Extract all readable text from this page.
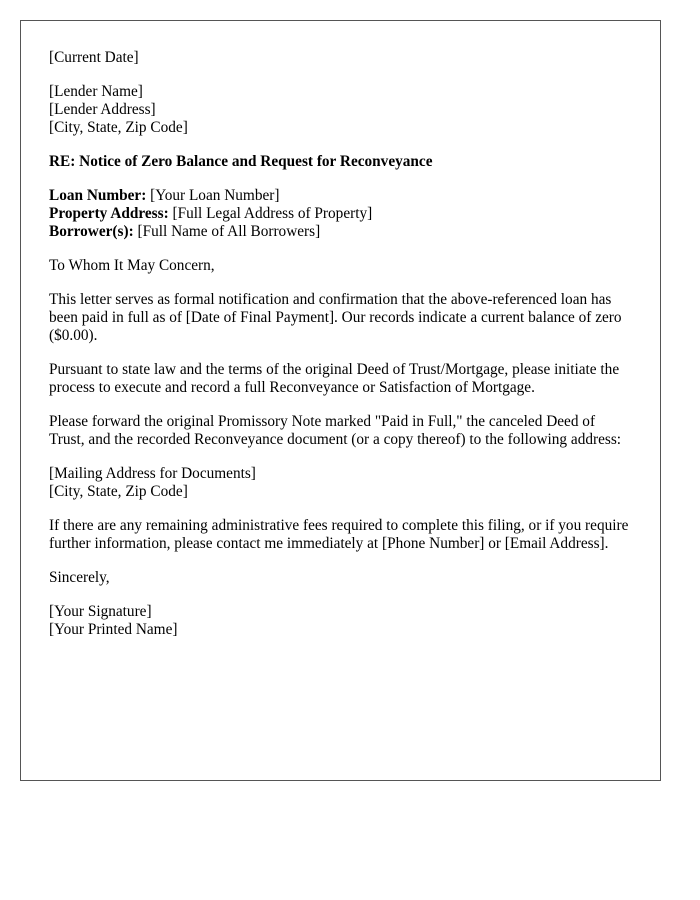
[Current Date]
[Lender Name]
[Lender Address]
[City, State, Zip Code]
RE: Notice of Zero Balance and Request for Reconveyance
Loan Number: [Your Loan Number]
Property Address: [Full Legal Address of Property]
Borrower(s): [Full Name of All Borrowers]

To Whom It May Concern,

This letter serves as formal notification and confirmation that the above-referenced loan has been paid in full as of [Date of Final Payment]. Our records indicate a current balance of zero ($0.00).

Pursuant to state law and the terms of the original Deed of Trust/Mortgage, please initiate the process to execute and record a full Reconveyance or Satisfaction of Mortgage.

Please forward the original Promissory Note marked "Paid in Full," the canceled Deed of Trust, and the recorded Reconveyance document (or a copy thereof) to the following address:

[Mailing Address for Documents]
[City, State, Zip Code]

If there are any remaining administrative fees required to complete this filing, or if you require further information, please contact me immediately at [Phone Number] or [Email Address].

Sincerely,

[Your Signature]
[Your Printed Name]
